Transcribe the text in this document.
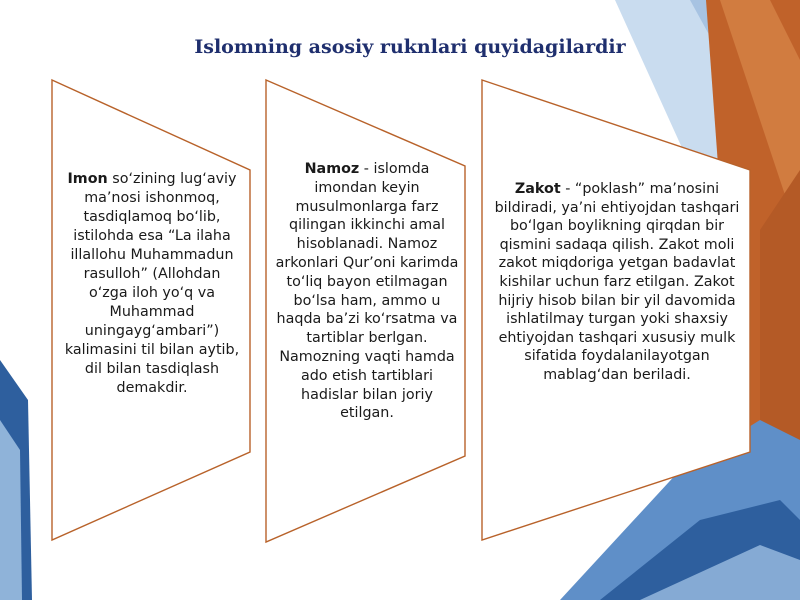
Islomning asosiy ruknlari quyidagilardir
Imon so‘zining lug‘aviy ma’nosi ishonmoq, tasdiqlamoq bo‘lib, istilohda esa “La ilaha illallohu Muhammadun rasulloh” (Allohdan o‘zga iloh yo‘q va Muhammad uningayg‘ambari”) kalimasini til bilan aytib, dil bilan tasdiqlash demakdir.
Namoz - islomda imondan keyin musulmonlarga farz qilingan ikkinchi amal hisoblanadi. Namoz arkonlari Qur’oni karimda to‘liq bayon etilmagan bo‘lsa ham, ammo u haqda ba’zi ko‘rsatma va tartiblar berlgan. Namozning vaqti hamda ado etish tartiblari hadislar bilan joriy etilgan.
Zakot - “poklash” ma’nosini bildiradi, ya’ni ehtiyojdan tashqari bo‘lgan boylikning qirqdan bir qismini sadaqa qilish. Zakot moli zakot miqdoriga yetgan badavlat kishilar uchun farz etilgan. Zakot hijriy hisob bilan bir yil davomida ishlatilmay turgan yoki shaxsiy ehtiyojdan tashqari xususiy mulk sifatida foydalanilayotgan mablag‘dan beriladi.
